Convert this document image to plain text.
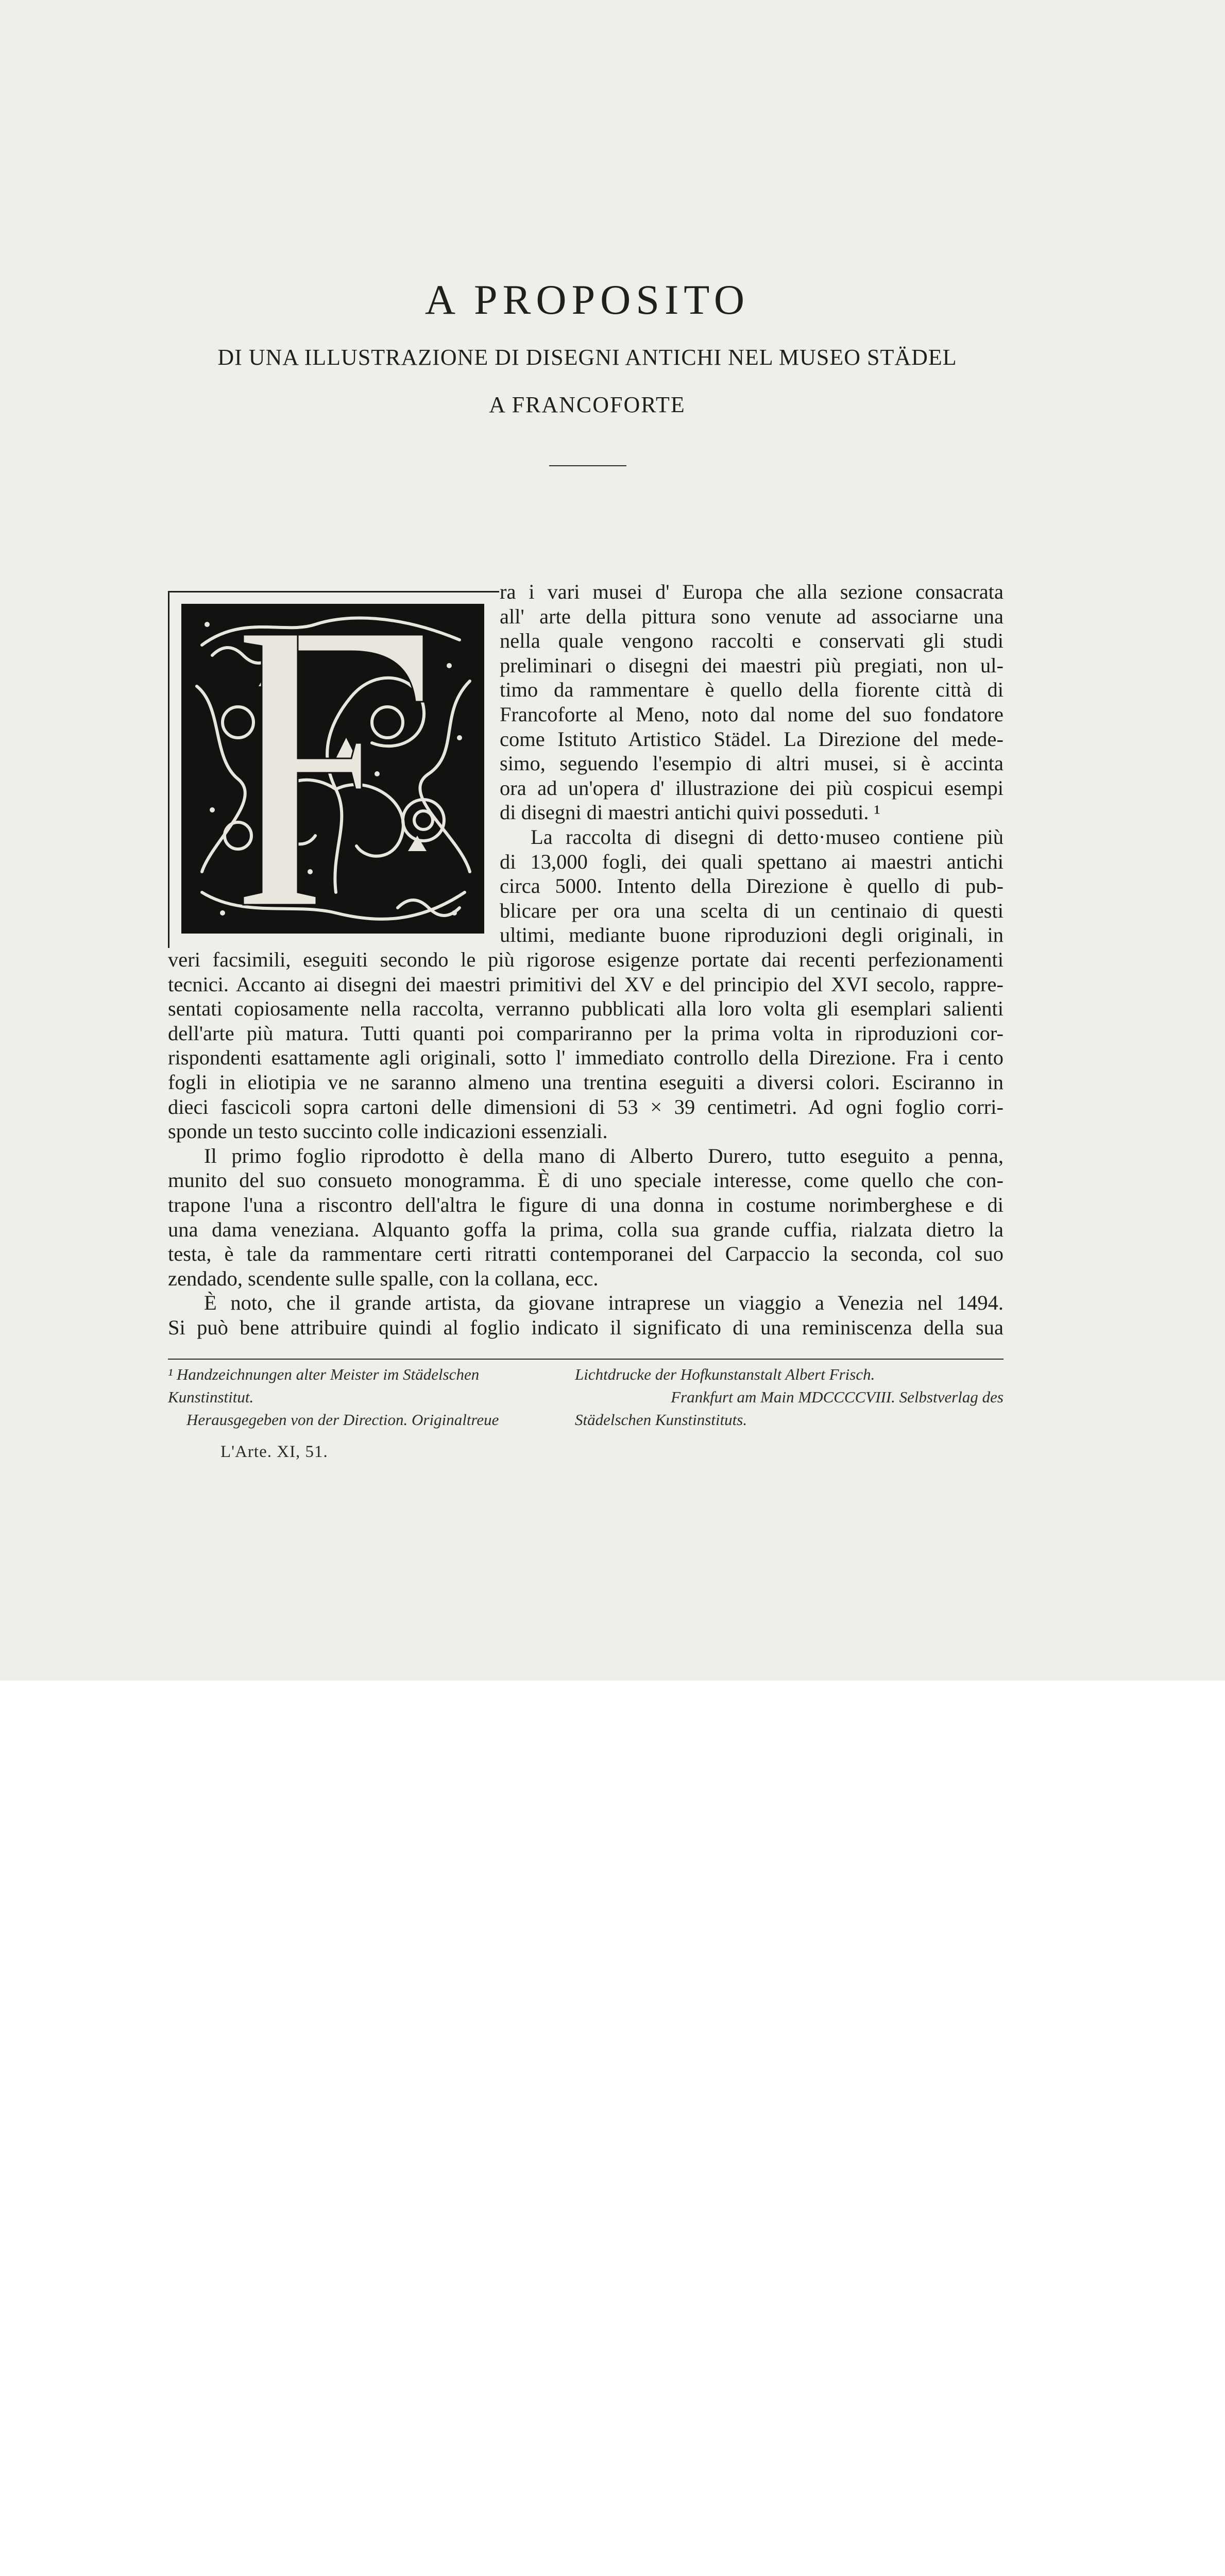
A PROPOSITO
DI UNA ILLUSTRAZIONE DI DISEGNI ANTICHI NEL MUSEO STÄDEL
A FRANCOFORTE
ra i vari musei d' Europa che alla sezione consacrata
all' arte della pittura sono venute ad associarne una
nella quale vengono raccolti e conservati gli studi
preliminari o disegni dei maestri più pregiati, non ul-
timo da rammentare è quello della fiorente città di
Francoforte al Meno, noto dal nome del suo fondatore
come Istituto Artistico Städel. La Direzione del mede-
simo, seguendo l'esempio di altri musei, si è accinta
ora ad un'opera d' illustrazione dei più cospicui esempi
di disegni di maestri antichi quivi posseduti. ¹
La raccolta di disegni di detto·museo contiene più
di 13,000 fogli, dei quali spettano ai maestri antichi
circa 5000. Intento della Direzione è quello di pub-
blicare per ora una scelta di un centinaio di questi
ultimi, mediante buone riproduzioni degli originali, in
veri facsimili, eseguiti secondo le più rigorose esigenze portate dai recenti perfezionamenti
tecnici. Accanto ai disegni dei maestri primitivi del XV e del principio del XVI secolo, rappre-
sentati copiosamente nella raccolta, verranno pubblicati alla loro volta gli esemplari salienti
dell'arte più matura. Tutti quanti poi compariranno per la prima volta in riproduzioni cor-
rispondenti esattamente agli originali, sotto l' immediato controllo della Direzione. Fra i cento
fogli in eliotipia ve ne saranno almeno una trentina eseguiti a diversi colori. Esciranno in
dieci fascicoli sopra cartoni delle dimensioni di 53 × 39 centimetri. Ad ogni foglio corri-
sponde un testo succinto colle indicazioni essenziali.
Il primo foglio riprodotto è della mano di Alberto Durero, tutto eseguito a penna,
munito del suo consueto monogramma. È di uno speciale interesse, come quello che con-
trapone l'una a riscontro dell'altra le figure di una donna in costume norimberghese e di
una dama veneziana. Alquanto goffa la prima, colla sua grande cuffia, rialzata dietro la
testa, è tale da rammentare certi ritratti contemporanei del Carpaccio la seconda, col suo
zendado, scendente sulle spalle, con la collana, ecc.
È noto, che il grande artista, da giovane intraprese un viaggio a Venezia nel 1494.
Si può bene attribuire quindi al foglio indicato il significato di una reminiscenza della sua
¹ Handzeichnungen alter Meister im Städelschen	Lichtdrucke der Hofkunstanstalt Albert Frisch.
Kunstinstitut.	Frankfurt am Main MDCCCCVIII. Selbstverlag des
Herausgegeben von der Direction. Originaltreue	Städelschen Kunstinstituts.
L'Arte. XI, 51.
